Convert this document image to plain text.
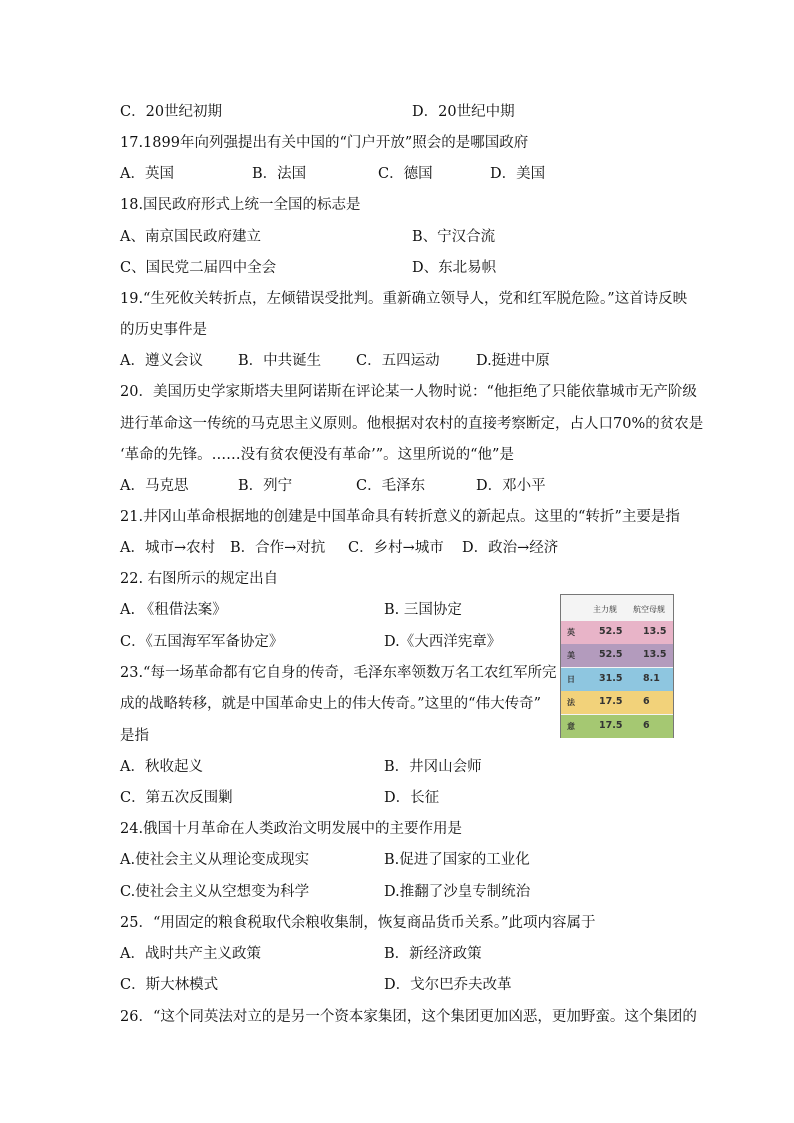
C．20世纪初期	D．20世纪中期
17.1899年向列强提出有关中国的“门户开放”照会的是哪国政府
A．英国	B．法国	C．德国	D．美国
18.国民政府形式上统一全国的标志是
A、南京国民政府建立	B、宁汉合流
C、国民党二届四中全会	D、东北易帜
19.“生死攸关转折点，左倾错误受批判。重新确立领导人，党和红军脱危险。”这首诗反映
的历史事件是
A．遵义会议 B．中共诞生 C．五四运动	D.挺进中原
20．美国历史学家斯塔夫里阿诺斯在评论某一人物时说：“他拒绝了只能依靠城市无产阶级
进行革命这一传统的马克思主义原则。他根据对农村的直接考察断定，占人口70%的贫农是
‘革命的先锋。……没有贫农便没有革命’”。这里所说的“他”是
A．马克思	B．列宁	C．毛泽东	D．邓小平
21.井冈山革命根据地的创建是中国革命具有转折意义的新起点。这里的“转折”主要是指
A．城市→农村 B．合作→对抗 C．乡村→城市 D．政治→经济
22. 右图所示的规定出自
A. 《租借法案》	B. 三国协定
C．《五国海军军备协定》	D.《大西洋宪章》
主力舰 航空母舰
英	52.5 13.5
美	52.5 13.5
日	31.5 8.1
法	17.5 6
意	17.5 6
23.“每一场革命都有它自身的传奇，毛泽东率领数万名工农红军所完
成的战略转移，就是中国革命史上的伟大传奇。”这里的“伟大传奇”
是指
A．秋收起义	B．井冈山会师
C．第五次反围剿	D．长征
24.俄国十月革命在人类政治文明发展中的主要作用是
A.使社会主义从理论变成现实	B.促进了国家的工业化
C.使社会主义从空想变为科学	D.推翻了沙皇专制统治
25．“用固定的粮食税取代余粮收集制，恢复商品货币关系。”此项内容属于
A．战时共产主义政策	B．新经济政策
C．斯大林模式	D．戈尔巴乔夫改革
26．“这个同英法对立的是另一个资本家集团，这个集团更加凶恶，更加野蛮。这个集团的
